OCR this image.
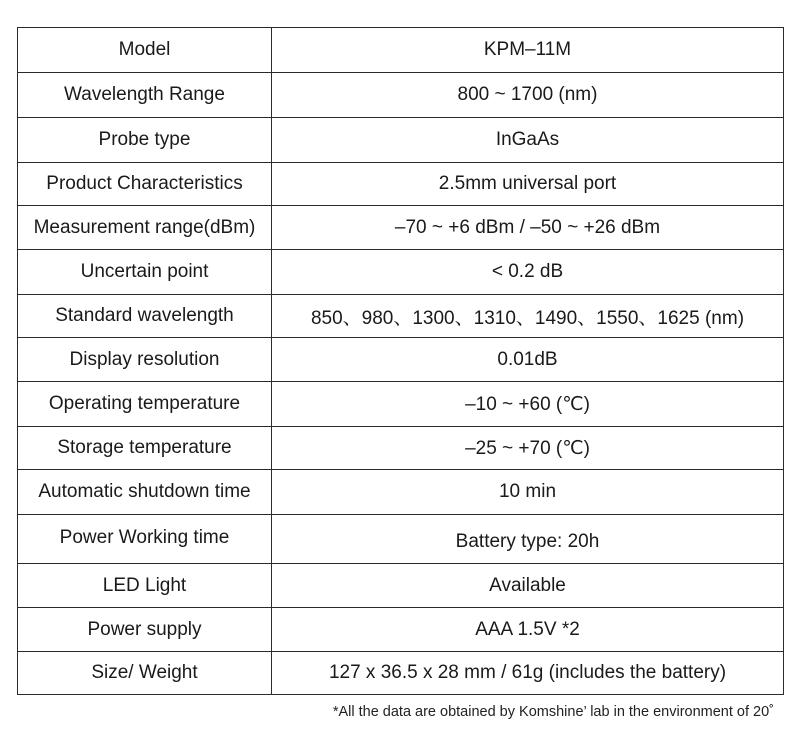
Model	KPM–11M
Wavelength Range	800 ~ 1700 (nm)
Probe type	InGaAs
Product Characteristics	2.5mm universal port
Measurement range(dBm)	–70 ~ +6 dBm / –50 ~ +26 dBm
Uncertain point	< 0.2 dB
Standard wavelength	850、980、1300、1310、1490、1550、1625 (nm)
Display resolution	0.01dB
Operating temperature	–10 ~ +60 (℃)
Storage temperature	–25 ~ +70 (℃)
Automatic shutdown time	10 min
Power Working time	Battery type: 20h
LED Light	Available
Power supply	AAA 1.5V *2
Size/ Weight	127 x 36.5 x 28 mm / 61g (includes the battery)
*All the data are obtained by Komshine’ lab in the environment of 20˚
